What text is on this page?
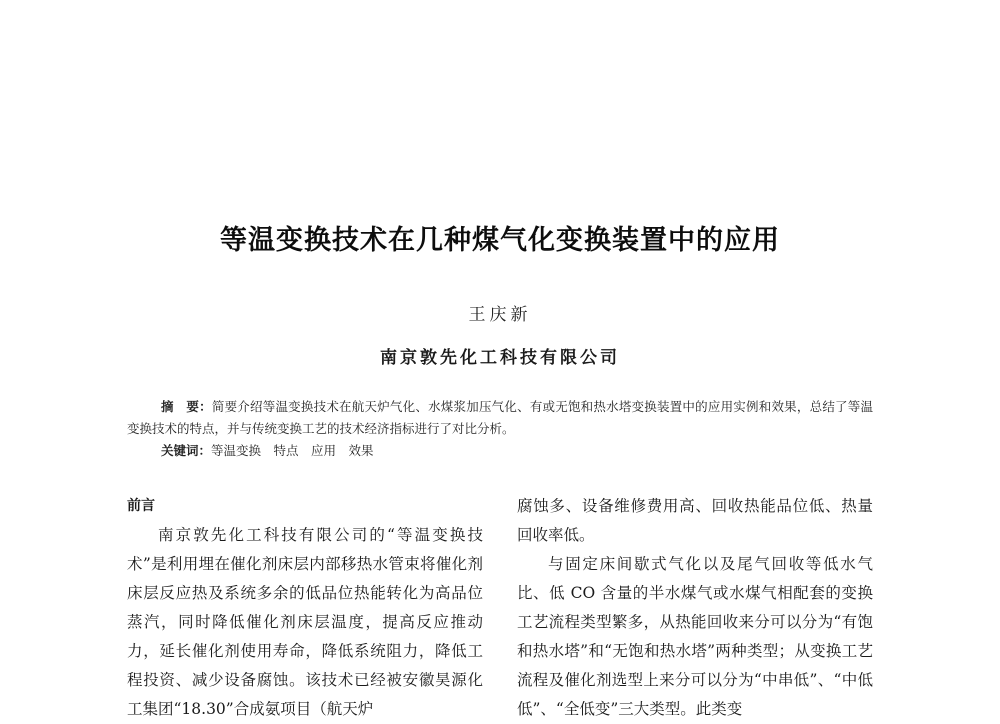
等温变换技术在几种煤气化变换装置中的应用
王庆新
南京敦先化工科技有限公司

摘　要：简要介绍等温变换技术在航天炉气化、水煤浆加压气化、有或无饱和热水塔变换装置中的应用实例和效果，总结了等温变换技术的特点，并与传统变换工艺的技术经济指标进行了对比分析。

关键词：等温变换　特点　应用　效果

前言

南京敦先化工科技有限公司的“等温变换技术”是利用埋在催化剂床层内部移热水管束将催化剂床层反应热及系统多余的低品位热能转化为高品位蒸汽，同时降低催化剂床层温度，提高反应推动力，延长催化剂使用寿命，降低系统阻力，降低工程投资、减少设备腐蚀。该技术已经被安徽昊源化工集团“18.30”合成氨项目（航天炉

腐蚀多、设备维修费用高、回收热能品位低、热量回收率低。

与固定床间歇式气化以及尾气回收等低水气比、低 CO 含量的半水煤气或水煤气相配套的变换工艺流程类型繁多，从热能回收来分可以分为“有饱和热水塔”和“无饱和热水塔”两种类型；从变换工艺流程及催化剂选型上来分可以分为“中串低”、“中低低”、“全低变”三大类型。此类变
